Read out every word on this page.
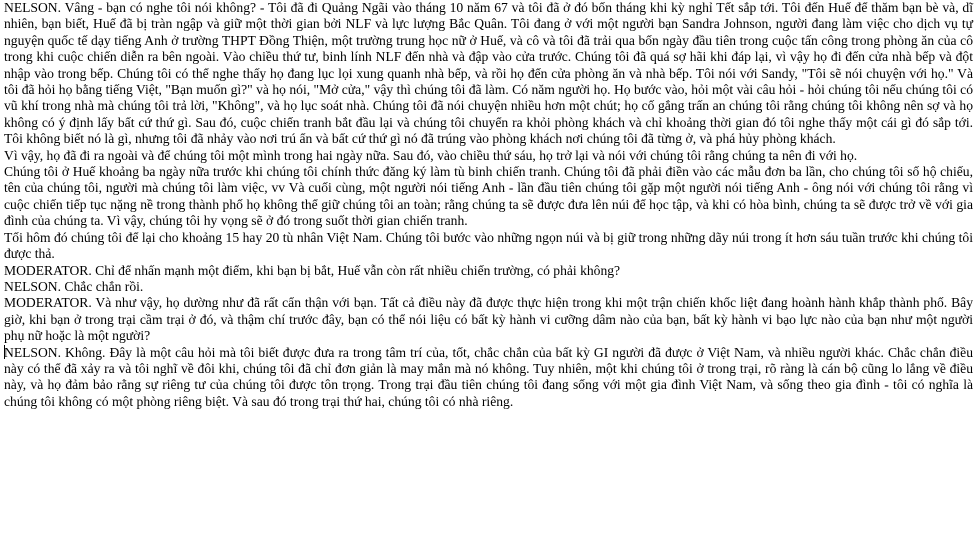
NELSON. Vâng - bạn có nghe tôi nói không? - Tôi đã đi Quảng Ngãi vào tháng 10 năm 67 và tôi đã ở đó bốn tháng khi kỳ nghỉ Tết sắp tới. Tôi đến Huế để thăm bạn bè và, dĩ nhiên, bạn biết, Huế đã bị tràn ngập và giữ một thời gian bởi NLF và lực lượng Bắc Quân. Tôi đang ở với một người bạn Sandra Johnson, người đang làm việc cho dịch vụ tự nguyện quốc tế dạy tiếng Anh ở trường THPT Đồng Thiện, một trường trung học nữ ở Huế, và cô và tôi đã trải qua bốn ngày đầu tiên trong cuộc tấn công trong phòng ăn của cô trong khi cuộc chiến diễn ra bên ngoài. Vào chiều thứ tư, binh lính NLF đến nhà và đập vào cửa trước. Chúng tôi đã quá sợ hãi khi đáp lại, vì vậy họ đi đến cửa nhà bếp và đột nhập vào trong bếp. Chúng tôi có thể nghe thấy họ đang lục lọi xung quanh nhà bếp, và rồi họ đến cửa phòng ăn và nhà bếp. Tôi nói với Sandy, "Tôi sẽ nói chuyện với họ." Và tôi đã hỏi họ bằng tiếng Việt, "Bạn muốn gì?" và họ nói, "Mở cửa," vậy thì chúng tôi đã làm. Có năm người họ. Họ bước vào, hỏi một vài câu hỏi - hỏi chúng tôi nếu chúng tôi có vũ khí trong nhà mà chúng tôi trả lời, "Không", và họ lục soát nhà. Chúng tôi đã nói chuyện nhiều hơn một chút; họ cố gắng trấn an chúng tôi rằng chúng tôi không nên sợ và họ không có ý định lấy bất cứ thứ gì. Sau đó, cuộc chiến tranh bắt đầu lại và chúng tôi chuyển ra khỏi phòng khách và chỉ khoảng thời gian đó tôi nghe thấy một cái gì đó sắp tới. Tôi không biết nó là gì, nhưng tôi đã nhảy vào nơi trú ẩn và bất cứ thứ gì nó đã trúng vào phòng khách nơi chúng tôi đã từng ở, và phá hủy phòng khách.

Vì vậy, họ đã đi ra ngoài và để chúng tôi một mình trong hai ngày nữa. Sau đó, vào chiều thứ sáu, họ trở lại và nói với chúng tôi rằng chúng ta nên đi với họ.

Chúng tôi ở Huế khoảng ba ngày nữa trước khi chúng tôi chính thức đăng ký làm tù binh chiến tranh. Chúng tôi đã phải điền vào các mẫu đơn ba lần, cho chúng tôi số hộ chiếu, tên của chúng tôi, người mà chúng tôi làm việc, vv Và cuối cùng, một người nói tiếng Anh - lần đầu tiên chúng tôi gặp một người nói tiếng Anh - ông nói với chúng tôi rằng vì cuộc chiến tiếp tục nặng nề trong thành phố họ không thể giữ chúng tôi an toàn; rằng chúng ta sẽ được đưa lên núi để học tập, và khi có hòa bình, chúng ta sẽ được trở về với gia đình của chúng ta. Vì vậy, chúng tôi hy vọng sẽ ở đó trong suốt thời gian chiến tranh.

Tối hôm đó chúng tôi để lại cho khoảng 15 hay 20 tù nhân Việt Nam. Chúng tôi bước vào những ngọn núi và bị giữ trong những dãy núi trong ít hơn sáu tuần trước khi chúng tôi được thả.

MODERATOR. Chỉ để nhấn mạnh một điểm, khi bạn bị bắt, Huế vẫn còn rất nhiều chiến trường, có phải không?

NELSON. Chắc chắn rồi.

MODERATOR. Và như vậy, họ dường như đã rất cẩn thận với bạn. Tất cả điều này đã được thực hiện trong khi một trận chiến khốc liệt đang hoành hành khắp thành phố. Bây giờ, khi bạn ở trong trại cầm trại ở đó, và thậm chí trước đây, bạn có thể nói liệu có bất kỳ hành vi cưỡng dâm nào của bạn, bất kỳ hành vi bạo lực nào của bạn như một người phụ nữ hoặc là một người?

NELSON. Không. Đây là một câu hỏi mà tôi biết được đưa ra trong tâm trí của, tốt, chắc chắn của bất kỳ GI người đã được ở Việt Nam, và nhiều người khác. Chắc chắn điều này có thể đã xảy ra và tôi nghĩ về đôi khi, chúng tôi đã chỉ đơn giản là may mắn mà nó không. Tuy nhiên, một khi chúng tôi ở trong trại, rõ ràng là cán bộ cũng lo lắng về điều này, và họ đảm bảo rằng sự riêng tư của chúng tôi được tôn trọng. Trong trại đầu tiên chúng tôi đang sống với một gia đình Việt Nam, và sống theo gia đình - tôi có nghĩa là chúng tôi không có một phòng riêng biệt. Và sau đó trong trại thứ hai, chúng tôi có nhà riêng.
